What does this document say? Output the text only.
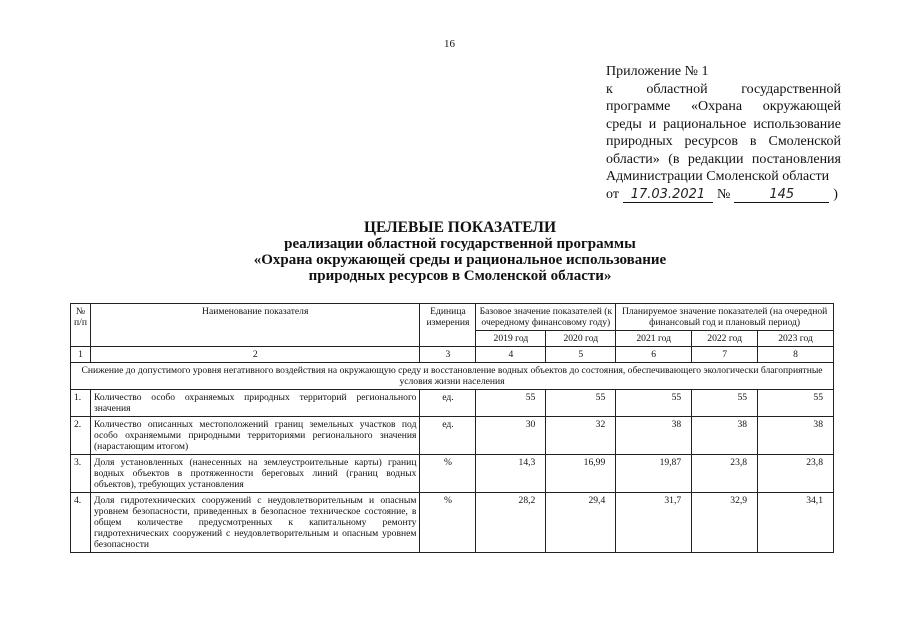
16
Приложение № 1
к областной государственной программе «Охрана окружающей среды и рациональное использование природных ресурсов в Смоленской области» (в редакции постановления Администрации Смоленской области
от 17.03.2021 №	145	)
ЦЕЛЕВЫЕ ПОКАЗАТЕЛИ
реализации областной государственной программы
«Охрана окружающей среды и рациональное использование
природных ресурсов в Смоленской области»
№ п/п	Наименование показателя	Единица измерения	Базовое значение показателей (к очередному финансовому году)		Планируемое значение показателей (на очередной финансовый год и плановый период)		
			2019 год	2020 год	2021 год	2022 год	2023 год
1	2	3	4	5	6	7	8
Снижение до допустимого уровня негативного воздействия на окружающую среду и восстановление водных объектов до состояния, обеспечивающего экологически благоприятные условия жизни населения							
1.	Количество особо охраняемых природных территорий регионального значения	ед.	55	55	55	55	55
2.	Количество описанных местоположений границ земельных участков под особо охраняемыми природными территориями регионального значения (нарастающим итогом)	ед.	30	32	38	38	38
3.	Доля установленных (нанесенных на землеустроительные карты) границ водных объектов в протяженности береговых линий (границ водных объектов), требующих установления	%	14,3	16,99	19,87	23,8	23,8
4.	Доля гидротехнических сооружений с неудовлетворительным и опасным уровнем безопасности, приведенных в безопасное техническое состояние, в общем количестве предусмотренных к капитальному ремонту гидротехнических сооружений с неудовлетворительным и опасным уровнем безопасности	%	28,2	29,4	31,7	32,9	34,1
